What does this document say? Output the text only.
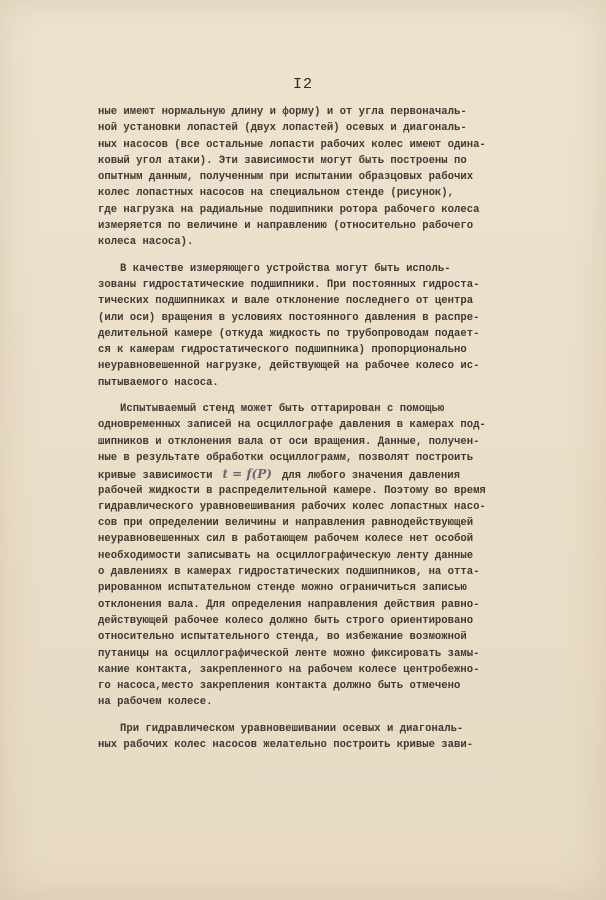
I2
ные имеют нормальную длину и форму) и от угла первоначаль-
ной установки лопастей (двух лопастей) осевых и диагональ-
ных насосов (все остальные лопасти рабочих колес имеют одина-
ковый угол атаки). Эти зависимости могут быть построены по
опытным данным, полученным при испытании образцовых рабочих
колес лопастных насосов на специальном стенде (рисунок),
где нагрузка на радиальные подшипники ротора рабочего колеса
измеряется по величине и направлению (относительно рабочего
колеса насоса).
В качестве измеряющего устройства могут быть исполь-
зованы гидростатические подшипники. При постоянных гидроста-
тических подшипниках и вале отклонение последнего от центра
(или оси) вращения в условиях постоянного давления в распре-
делительной камере (откуда жидкость по трубопроводам подает-
ся к камерам гидростатического подшипника) пропорционально
неуравновешенной нагрузке, действующей на рабочее колесо ис-
пытываемого насоса.
Испытываемый стенд может быть оттарирован с помощью
одновременных записей на осциллографе давления в камерах под-
шипников и отклонения вала от оси вращения. Данные, получен-
ные в результате обработки осциллограмм, позволят построить
кривые зависимости t = f(P) для любого значения давления
рабочей жидкости в распределительной камере. Поэтому во время
гидравлического уравновешивания рабочих колес лопастных насо-
сов при определении величины и направления равнодействующей
неуравновешенных сил в работающем рабочем колесе нет особой
необходимости записывать на осциллографическую ленту данные
о давлениях в камерах гидростатических подшипников, на отта-
рированном испытательном стенде можно ограничиться записью
отклонения вала. Для определения направления действия равно-
действующей рабочее колесо должно быть строго ориентировано
относительно испытательного стенда, во избежание возможной
путаницы на осциллографической ленте можно фиксировать замы-
кание контакта, закрепленного на рабочем колесе центробежно-
го насоса,место закрепления контакта должно быть отмечено
на рабочем колесе.
При гидравлическом уравновешивании осевых и диагональ-
ных рабочих колес насосов желательно построить кривые зави-
